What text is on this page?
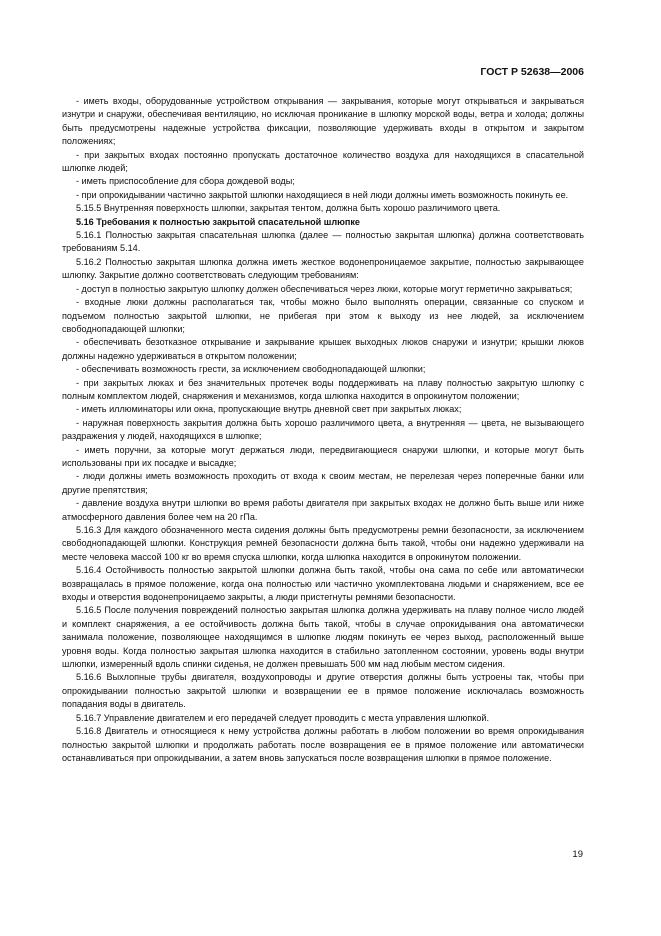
ГОСТ Р 52638—2006

- иметь входы, оборудованные устройством открывания — закрывания, которые могут открываться и закрываться изнутри и снаружи, обеспечивая вентиляцию, но исключая проникание в шлюпку морской воды, ветра и холода; должны быть предусмотрены надежные устройства фиксации, позволяющие удерживать входы в открытом и закрытом положениях;

- при закрытых входах постоянно пропускать достаточное количество воздуха для находящихся в спасательной шлюпке людей;

- иметь приспособление для сбора дождевой воды;

- при опрокидывании частично закрытой шлюпки находящиеся в ней люди должны иметь возможность покинуть ее.

5.15.5 Внутренняя поверхность шлюпки, закрытая тентом, должна быть хорошо различимого цвета.

5.16 Требования к полностью закрытой спасательной шлюпке

5.16.1 Полностью закрытая спасательная шлюпка (далее — полностью закрытая шлюпка) должна соответствовать требованиям 5.14.

5.16.2 Полностью закрытая шлюпка должна иметь жесткое водонепроницаемое закрытие, полностью закрывающее шлюпку. Закрытие должно соответствовать следующим требованиям:

- доступ в полностью закрытую шлюпку должен обеспечиваться через люки, которые могут герметично закрываться;

- входные люки должны располагаться так, чтобы можно было выполнять операции, связанные со спуском и подъемом полностью закрытой шлюпки, не прибегая при этом к выходу из нее людей, за исключением свободнопадающей шлюпки;

- обеспечивать безотказное открывание и закрывание крышек выходных люков снаружи и изнутри; крышки люков должны надежно удерживаться в открытом положении;

- обеспечивать возможность грести, за исключением свободнопадающей шлюпки;

- при закрытых люках и без значительных протечек воды поддерживать на плаву полностью закрытую шлюпку с полным комплектом людей, снаряжения и механизмов, когда шлюпка находится в опрокинутом положении;

- иметь иллюминаторы или окна, пропускающие внутрь дневной свет при закрытых люках;

- наружная поверхность закрытия должна быть хорошо различимого цвета, а внутренняя — цвета, не вызывающего раздражения у людей, находящихся в шлюпке;

- иметь поручни, за которые могут держаться люди, передвигающиеся снаружи шлюпки, и которые могут быть использованы при их посадке и высадке;

- люди должны иметь возможность проходить от входа к своим местам, не перелезая через поперечные банки или другие препятствия;

- давление воздуха внутри шлюпки во время работы двигателя при закрытых входах не должно быть выше или ниже атмосферного давления более чем на 20 гПа.

5.16.3 Для каждого обозначенного места сидения должны быть предусмотрены ремни безопасности, за исключением свободнопадающей шлюпки. Конструкция ремней безопасности должна быть такой, чтобы они надежно удерживали на месте человека массой 100 кг во время спуска шлюпки, когда шлюпка находится в опрокинутом положении.

5.16.4 Остойчивость полностью закрытой шлюпки должна быть такой, чтобы она сама по себе или автоматически возвращалась в прямое положение, когда она полностью или частично укомплектована людьми и снаряжением, все ее входы и отверстия водонепроницаемо закрыты, а люди пристегнуты ремнями безопасности.

5.16.5 После получения повреждений полностью закрытая шлюпка должна удерживать на плаву полное число людей и комплект снаряжения, а ее остойчивость должна быть такой, чтобы в случае опрокидывания она автоматически занимала положение, позволяющее находящимся в шлюпке людям покинуть ее через выход, расположенный выше уровня воды. Когда полностью закрытая шлюпка находится в стабильно затопленном состоянии, уровень воды внутри шлюпки, измеренный вдоль спинки сиденья, не должен превышать 500 мм над любым местом сидения.

5.16.6 Выхлопные трубы двигателя, воздухопроводы и другие отверстия должны быть устроены так, чтобы при опрокидывании полностью закрытой шлюпки и возвращении ее в прямое положение исключалась возможность попадания воды в двигатель.

5.16.7 Управление двигателем и его передачей следует проводить с места управления шлюпкой.

5.16.8 Двигатель и относящиеся к нему устройства должны работать в любом положении во время опрокидывания полностью закрытой шлюпки и продолжать работать после возвращения ее в прямое положение или автоматически останавливаться при опрокидывании, а затем вновь запускаться после возвращения шлюпки в прямое положение.

19
